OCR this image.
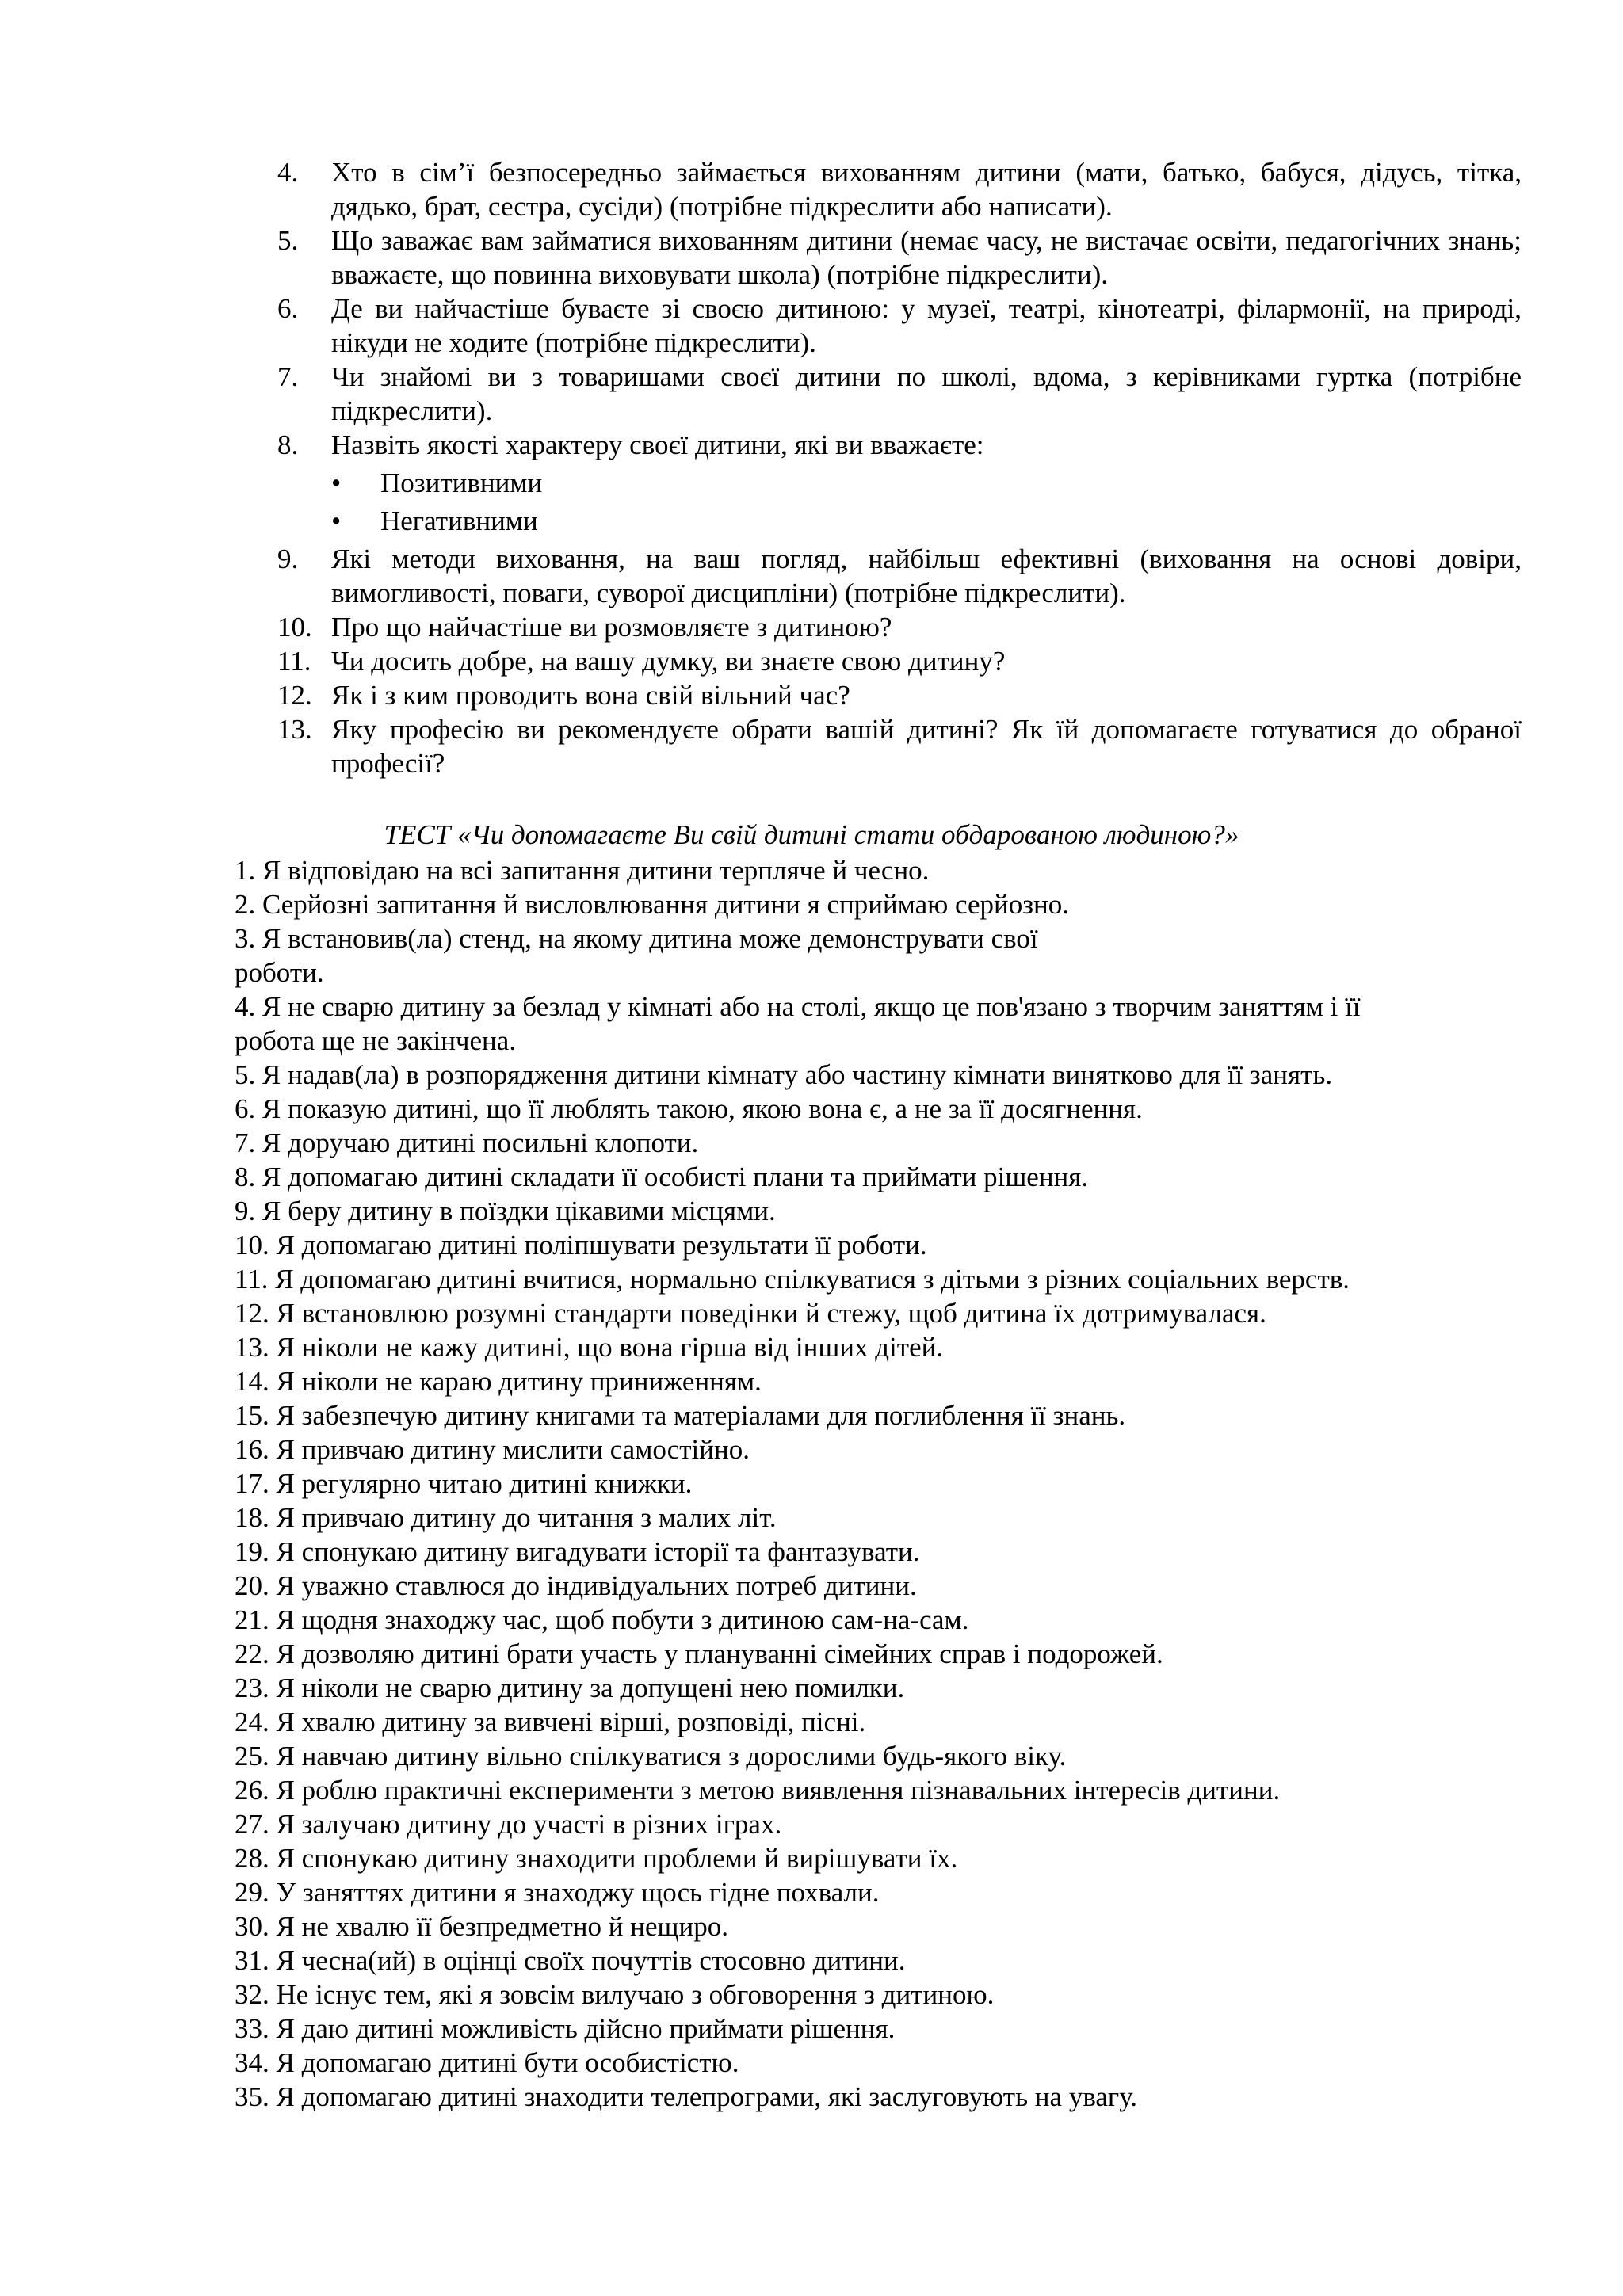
4. Хто в сім’ї безпосередньо займається вихованням дитини (мати, батько, бабуся, дідусь, тітка, дядько, брат, сестра, сусіди) (потрібне підкреслити або написати).
5. Що заважає вам займатися вихованням дитини (немає часу, не вистачає освіти, педагогічних знань; вважаєте, що повинна виховувати школа) (потрібне підкреслити).
6. Де ви найчастіше буваєте зі своєю дитиною: у музеї, театрі, кінотеатрі, філармонії, на природі, нікуди не ходите (потрібне підкреслити).
7. Чи знайомі ви з товаришами своєї дитини по школі, вдома, з керівниками гуртка (потрібне підкреслити).
8. Назвіть якості характеру своєї дитини, які ви вважаєте:
• Позитивними
• Негативними
9. Які методи виховання, на ваш погляд, найбільш ефективні (виховання на основі довіри, вимогливості, поваги, суворої дисципліни) (потрібне підкреслити).
10. Про що найчастіше ви розмовляєте з дитиною?
11. Чи досить добре, на вашу думку, ви знаєте свою дитину?
12. Як і з ким проводить вона свій вільний час?
13. Яку професію ви рекомендуєте обрати вашій дитині? Як їй допомагаєте готуватися до обраної професії?
ТЕСТ «Чи допомагаєте Ви свій дитині стати обдарованою людиною?»
1. Я відповідаю на всі запитання дитини терпляче й чесно.
2. Серйозні запитання й висловлювання дитини я сприймаю серйозно.
3. Я встановив(ла) стенд, на якому дитина може демонструвати свої
роботи.
4. Я не сварю дитину за безлад у кімнаті або на столі, якщо це пов'язано з творчим заняттям і її
робота ще не закінчена.
5. Я надав(ла) в розпорядження дитини кімнату або частину кімнати винятково для її занять.
6. Я показую дитині, що її люблять такою, якою вона є, а не за її досягнення.
7. Я доручаю дитині посильні клопоти.
8. Я допомагаю дитині складати її особисті плани та приймати рішення.
9. Я беру дитину в поїздки цікавими місцями.
10. Я допомагаю дитині поліпшувати результати її роботи.
11. Я допомагаю дитині вчитися, нормально спілкуватися з дітьми з різних соціальних верств.
12. Я встановлюю розумні стандарти поведінки й стежу, щоб дитина їх дотримувалася.
13. Я ніколи не кажу дитині, що вона гірша від інших дітей.
14. Я ніколи не караю дитину приниженням.
15. Я забезпечую дитину книгами та матеріалами для поглиблення її знань.
16. Я привчаю дитину мислити самостійно.
17. Я регулярно читаю дитині книжки.
18. Я привчаю дитину до читання з малих літ.
19. Я спонукаю дитину вигадувати історії та фантазувати.
20. Я уважно ставлюся до індивідуальних потреб дитини.
21. Я щодня знаходжу час, щоб побути з дитиною сам-на-сам.
22. Я дозволяю дитині брати участь у плануванні сімейних справ і подорожей.
23. Я ніколи не сварю дитину за допущені нею помилки.
24. Я хвалю дитину за вивчені вірші, розповіді, пісні.
25. Я навчаю дитину вільно спілкуватися з дорослими будь-якого віку.
26. Я роблю практичні експерименти з метою виявлення пізнавальних інтересів дитини.
27. Я залучаю дитину до участі в різних іграх.
28. Я спонукаю дитину знаходити проблеми й вирішувати їх.
29. У заняттях дитини я знаходжу щось гідне похвали.
30. Я не хвалю її безпредметно й нещиро.
31. Я чесна(ий) в оцінці своїх почуттів стосовно дитини.
32. Не існує тем, які я зовсім вилучаю з обговорення з дитиною.
33. Я даю дитині можливість дійсно приймати рішення.
34. Я допомагаю дитині бути особистістю.
35. Я допомагаю дитині знаходити телепрограми, які заслуговують на увагу.
